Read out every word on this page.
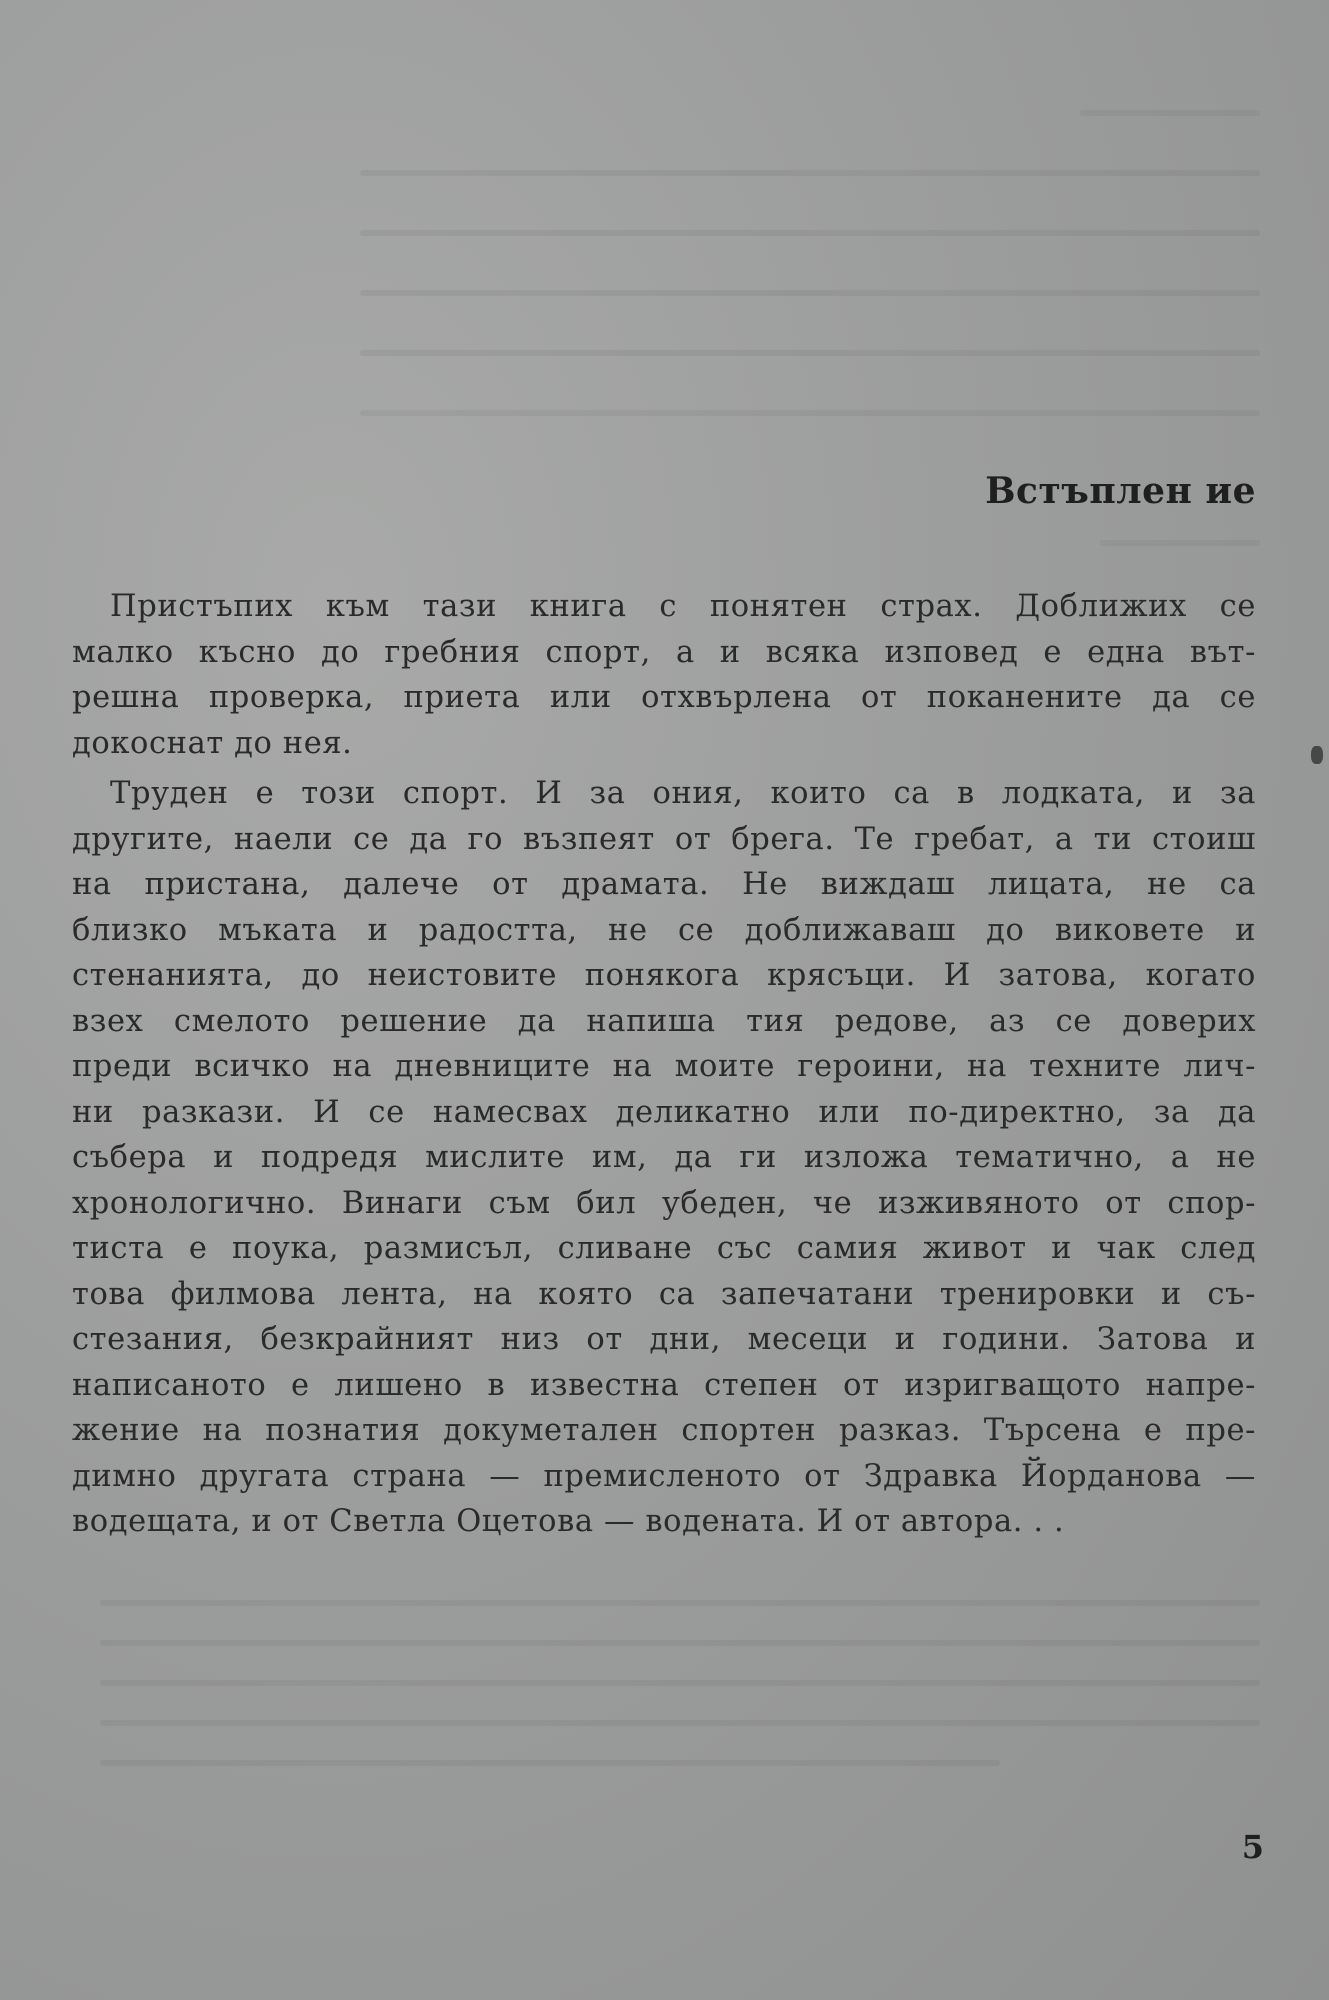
Встъплен ие
Пристъпих към тази книга с понятен страх. Доближих се
малко късно до гребния спорт, а и всяка изповед е една вът-
решна проверка, приета или отхвърлена от поканените да се
докоснат до нея.
Труден е този спорт. И за ония, които са в лодката, и за
другите, наели се да го възпеят от брега. Те гребат, а ти стоиш
на пристана, далече от драмата. Не виждаш лицата, не са
близко мъката и радостта, не се доближаваш до виковете и
стенанията, до неистовите понякога крясъци. И затова, когато
взех смелото решение да напиша тия редове, аз се доверих
преди всичко на дневниците на моите героини, на техните лич-
ни разкази. И се намесвах деликатно или по-директно, за да
събера и подредя мислите им, да ги изложа тематично, а не
хронологично. Винаги съм бил убеден, че изживяното от спор-
тиста е поука, размисъл, сливане със самия живот и чак след
това филмова лента, на която са запечатани тренировки и съ-
стезания, безкрайният низ от дни, месеци и години. Затова и
написаното е лишено в известна степен от изригващото напре-
жение на познатия докуметален спортен разказ. Търсена е пре-
димно другата страна — премисленото от Здравка Йорданова —
водещата, и от Светла Оцетова — водената. И от автора. . .
5
